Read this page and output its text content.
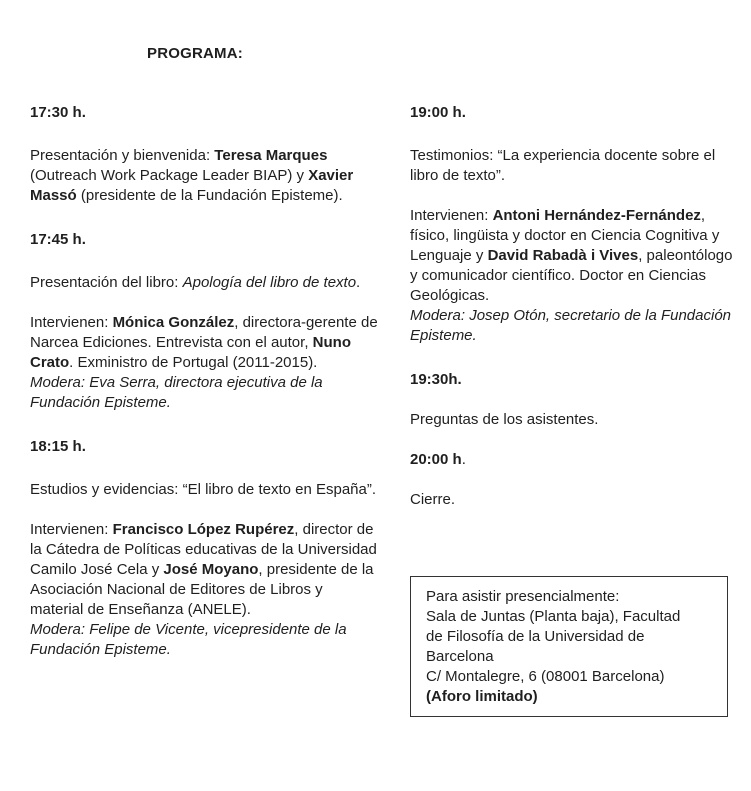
PROGRAMA:

17:30 h.

Presentación y bienvenida: Teresa Marques (Outreach Work Package Leader BIAP) y Xavier Massó (presidente de la Fundación Episteme).

17:45 h.

Presentación del libro: Apología del libro de texto.

Intervienen: Mónica González, directora-gerente de Narcea Ediciones. Entrevista con el autor, Nuno Crato. Exministro de Portugal (2011-2015).
Modera: Eva Serra, directora ejecutiva de la Fundación Episteme.

18:15 h.

Estudios y evidencias: “El libro de texto en España”.

Intervienen: Francisco López Rupérez, director de la Cátedra de Políticas educativas de la Universidad Camilo José Cela y José Moyano, presidente de la Asociación Nacional de Editores de Libros y material de Enseñanza (ANELE).
Modera: Felipe de Vicente, vicepresidente de la Fundación Episteme.

19:00 h.

Testimonios: “La experiencia docente sobre el libro de texto”.

Intervienen: Antoni Hernández-Fernández, físico, lingüista y doctor en Ciencia Cognitiva y Lenguaje y David Rabadà i Vives, paleontólogo y comunicador científico. Doctor en Ciencias Geológicas.
Modera: Josep Otón, secretario de la Fundación Episteme.

19:30h.

Preguntas de los asistentes.

20:00 h.

Cierre.

Para asistir presencialmente:
Sala de Juntas (Planta baja), Facultad
de Filosofía de la Universidad de
Barcelona
C/ Montalegre, 6 (08001 Barcelona)
(Aforo limitado)
